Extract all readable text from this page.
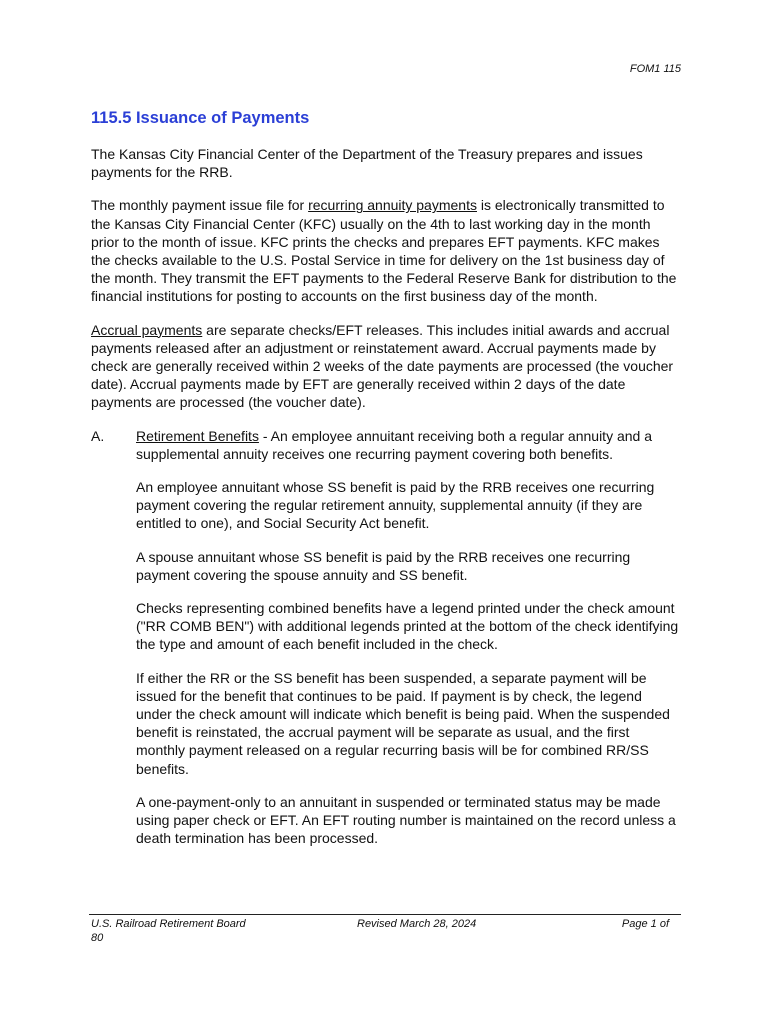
FOM1 115
115.5 Issuance of Payments

The Kansas City Financial Center of the Department of the Treasury prepares and issues payments for the RRB.

The monthly payment issue file for recurring annuity payments is electronically transmitted to the Kansas City Financial Center (KFC) usually on the 4th to last working day in the month prior to the month of issue. KFC prints the checks and prepares EFT payments. KFC makes the checks available to the U.S. Postal Service in time for delivery on the 1st business day of the month. They transmit the EFT payments to the Federal Reserve Bank for distribution to the financial institutions for posting to accounts on the first business day of the month.

Accrual payments are separate checks/EFT releases. This includes initial awards and accrual payments released after an adjustment or reinstatement award. Accrual payments made by check are generally received within 2 weeks of the date payments are processed (the voucher date). Accrual payments made by EFT are generally received within 2 days of the date payments are processed (the voucher date).

A.	Retirement Benefits - An employee annuitant receiving both a regular annuity and a supplemental annuity receives one recurring payment covering both benefits.

An employee annuitant whose SS benefit is paid by the RRB receives one recurring payment covering the regular retirement annuity, supplemental annuity (if they are entitled to one), and Social Security Act benefit.

A spouse annuitant whose SS benefit is paid by the RRB receives one recurring payment covering the spouse annuity and SS benefit.

Checks representing combined benefits have a legend printed under the check amount ("RR COMB BEN") with additional legends printed at the bottom of the check identifying the type and amount of each benefit included in the check.

If either the RR or the SS benefit has been suspended, a separate payment will be issued for the benefit that continues to be paid. If payment is by check, the legend under the check amount will indicate which benefit is being paid. When the suspended benefit is reinstated, the accrual payment will be separate as usual, and the first monthly payment released on a regular recurring basis will be for combined RR/SS benefits.

A one-payment-only to an annuitant in suspended or terminated status may be made using paper check or EFT. An EFT routing number is maintained on the record unless a death termination has been processed.

U.S. Railroad Retirement Board	Revised March 28, 2024	Page 1 of
80
